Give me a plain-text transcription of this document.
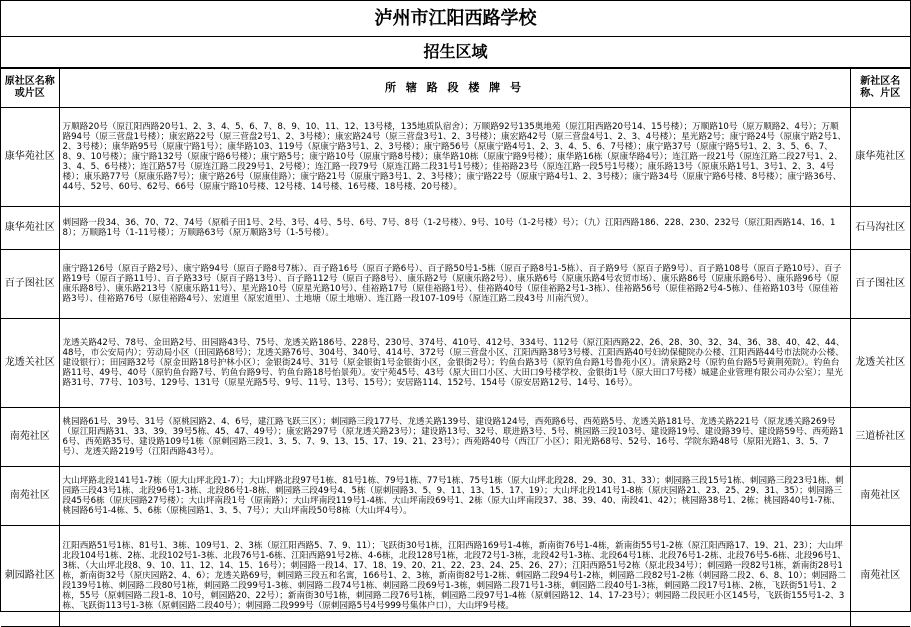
泸州市江阳西路学校
招生区域
原社区名称或片区	所 辖 路 段 楼 牌 号	新社区名称、片区
康华苑社区	万顺路20号（原江阳西路20号1、2、3、4、5、6、7、8、9、10、11、12、13号楼，135地质队宿舍）；万顺路92号135奥地苑（原江阳西路20号14、15号楼）；万顺路10号（原万顺路2、4号）；万顺路94号（原三营盘1号楼）；康宏路22号（原三营盘2号1、2、3号楼）；康宏路24号（原三营盘3号1、2、3号楼）；康宏路42号（原三营盘4号1、2、3、4号楼）；星光路2号；康宁路24号（原康宁路2号1、2、3号楼）；康华路95号（原康宁路1号）；康华路103、119号（原康宁路3号1、2、3号楼）；康宁路56号（原康宁路4号1、2、3、4、5、6、7号楼）；康宁路37号（原康宁路5号1、2、3、5、6、7、8、9、10号楼）；康宁路132号（原康宁路6号楼）；康宁路5号；康宁路10号（原康宁路8号楼）；康华路10栋（原康宁路9号楼）；康华路16栋（原康华路4号）；连江路一段21号（原连江路二段27号1、2、3、4、5、6号楼）；连江路57号（原连江路二段29号1、2号楼）；连江路一段79号（原连江路二段31号1号楼）；佳裕路23号（原连江路一段5号1号楼）；康乐路13号（原康乐路1号1、3号1、2、3、4号楼）；康乐路77号（原康乐路7号）；康宁路26号（原康佳路）；康宁路21号（原康宁路3号1、2、3号楼）；康宁路22号（原康宁路4号1、2、3号楼）；康宁路34号（原康宁路6号楼、8号楼）；康宁路36号、44号、52号、60号、62号、66号（原康宁路10号楼、12号楼、14号楼、16号楼、18号楼、20号楼）。	康华苑社区
康华苑社区	刺园路一段34、36、70、72、74号（原稻子田1号、2号、3号、4号、5号、6号、7号、8号（1-2号楼）、9号、10号（1-2号楼）号）；（九）江阳西路186、228、230、232号（原江阳西路14、16、18）；万顺路1号（1-11号楼）；万顺路63号（原万顺路3号（1-5号楼）。	石马沟社区
百子图社区	康宁路126号（原百子路2号）、康宁路94号（原百子路8号7栋）、百子路16号（原百子路6号）、百子路50号1-5栋（原百子路8号1-5栋）、百子路9号（原百子路9号）、百子路108号（原百子路10号）、百子路19号（原百子路11号）、百子路33号（原百子路13号）、百子路112号（原百子路8号）、康乐路2号（原康乐路2号）、康乐路6号（原康乐路4号农贸市场）、康乐路86号（原康乐路6号）、康乐路96号（原康乐路8号）、康乐路213号（原康乐路11号）、星光路10号（原星光路10号）、佳裕路17号（原佳裕路1号）、佳裕路40号（原佳裕路2号1-3栋）、佳裕路56号（原佳裕路2号4-5栋）、佳裕路103号（原佳裕路3号）、佳裕路76号（原佳裕路4号）、宏道里（原宏道里）、土地塘（原土地塘）、连江路一段107-109号（原连江路二段43号 川南汽贸）。	百子图社区
龙透关社区	龙透关路42号、78号、金田路2号、田园路43号、75号、龙透关路186号、228号、230号、374号、410号、412号、334号、112号（原江阳西路22、26、28、30、32、34、36、38、40、42、44、48号，市公安局内）；劳动局小区（田园路68号）；龙透关路76号、304号、340号、414号、372号（原三营盘小区、江阳西路38号3号楼、江阳西路40号妇幼保健院办公楼、江阳西路44号市法院办公楼、建设银行）；田园路32号（原金田路18号护林小区）；金银街24号、31号（原金银街1号金银街小区，金银街2号）；钓鱼台路3号（原钓鱼台路1号鲁苑小区）。清泉路2号（原钓鱼台路5号黄荆苑院）。钓鱼台路11号、49号、40号（原钓鱼台路7号、钓鱼台路9号、钓鱼台路18号怡景苑）。安宁苑45号、43号（原大田口小区、大田口9号楼学校、金银街1号（原大田口7号楼）城建企业管理有限公司办公室）；星光路31号、77号、103号、129号、131号（原星光路5号、9号、11号、13号、15号）；安居路114、152号、154号（原安居路12号、14号、16号）。	龙透关社区
南苑社区	桃园路61号、39号、31号（原桃园路2、4、6号，建江路飞跃三区）；刺园路三段177号、龙透关路139号、建设路124号，西苑路6号、西苑路5号、龙透关路181号、龙透关路221号（原龙透关路269号（原江阳西路31、33、39、39号5栋、45、47、49号）；康宏路297号（原龙透关路23号）；建设路13号、32号、联进路3号、5号、桃园路三段103号、建设路19号、建设路39号、建设路59号、西苑路16号、西苑路35号、建设路109号1栋（原刺园路三段1、3、5、7、9、13、15、17、19、21、23号）；西苑路40号（西江厂小区）；阳光路68号、52号、16号、学院东路48号（原阳光路1、3、5、7号）、龙透关路219号（江阳西路43号）。	三道桥社区
南苑社区	大山坪路北段141号1-7栋（原大山坪北段1-7）；大山坪路北段97号1栋、81号1栋、79号1栋、77号1栋、75号1栋（原大山坪北段28、29、30、31、33）；刺园路三段15号1栋、刺园路三段23号1栋、刺园路三段43号1栋、北段96号1-3栋、北段86号1-8栋、刺园路三段49号4、5栋（原刺园路3、5、9、11、13、15、17、19）；大山坪北段141号1-8栋（原庆园路21、23、25、29、31、35）；刺园路三段45号6栋（原庆园路27号楼）；大山坪南段1号（原南路）；大山坪南段119号1-4栋、大山坪南段69号1、2栋（原大山坪南段37、38、39、40、南段41、42）；桃园路38号1、2栋；桃园路40号1-7栋、桃园路6号1-4栋、5、6栋（原桃园路1、3、5、7号）；大山坪南段50号8栋（大山坪4号）。	南苑社区
刺园路社区	江阳西路51号1栋、81号1、3栋、109号1、2、3栋（原江阳西路5、7、9、11）；飞跃街30号1栋，江阳西路169号1-4栋，新南街76号1-4栋，新南街55号1-2栋（原江阳西路17、19、21、23）；大山坪北段104号1栋、2栋、北段102号1-3栋、北段76号1-6栋、江阳西路91号2栋、4-6栋，北段128号1栋，北段72号1-3栋，北段42号1-3栋、北段64号1栋、北段76号1-2栋、北段76号5-6栋、北段96号1、3栋、（大山坪北段8、9、10、11、12、14、15、16号）；刺园路一段14、17、18、19、20、21、22、23、24、25、26、27）；江阳西路51号2栋（原北段34号）；刺园路一段82号1栋，新南街28号1栋，新南街32号（原庆园路2、4、6）；龙透关路69号，刺园路三段五和名寓，166号1、2、3栋，新南街82号1-2栋、刺园路二段94号1-2栋，刺园路二段82号1-2栋（刺园路二段2、6、8、10）；刺园路二段139号1栋、刺园路二段80号1栋，刺园路二段99号1-3栋、刺园路二段74号1栋、刺园路二段69号1-3栋，刺园路二段71号1-3栋，刺园路二段40号1-3栋，刺园路二段17号1栋、2栋，飞跃街51号1、2栋，55号（原刺园路二段1-8、10号，刺园路20、22号）；新南街30号1栋，刺园路二段76号1栋，刺园路二段97号1-4栋（原刺园路12、14、17-23号）；刺园路二段民旺小区145号，飞跃街155号1-2、3栋、飞跃街113号1-3栋（原刺园路二段40号）；刺园路二段999号（原刺园路5号4号999号集体户口），大山坪9号楼。	南苑社区
